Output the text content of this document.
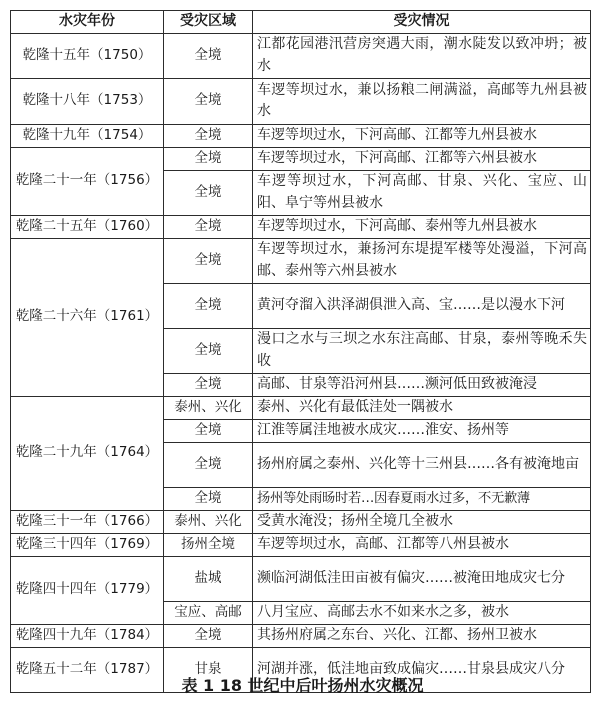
水灾年份	受灾区域	受灾情况
乾隆十五年（1750）	全境	江都花园港汛营房突遇大雨，潮水陡发以致冲坍；被水
乾隆十八年（1753）	全境	车逻等坝过水，兼以扬粮二闸满溢，高邮等九州县被水
乾隆十九年（1754）	全境	车逻等坝过水，下河高邮、江都等九州县被水
乾隆二十一年（1756）	全境	车逻等坝过水，下河高邮、江都等六州县被水
	全境	车逻等坝过水，下河高邮、甘泉、兴化、宝应、山阳、阜宁等州县被水
乾隆二十五年（1760）	全境	车逻等坝过水，下河高邮、泰州等九州县被水
乾隆二十六年（1761）	全境	车逻等坝过水，兼扬河东堤提军楼等处漫溢，下河高邮、泰州等六州县被水
	全境	黄河夺溜入洪泽湖俱泄入高、宝……是以漫水下河
	全境	漫口之水与三坝之水东注高邮、甘泉，泰州等晚禾失收
	全境	高邮、甘泉等沿河州县……濒河低田致被淹浸
乾隆二十九年（1764）	泰州、兴化	泰州、兴化有最低洼处一隅被水
	全境	江淮等属洼地被水成灾……淮安、扬州等
	全境	扬州府属之泰州、兴化等十三州县……各有被淹地亩
	全境	扬州等处雨旸时若…因春夏雨水过多，不无歉薄
乾隆三十一年（1766）	泰州、兴化	受黄水淹没；扬州全境几全被水
乾隆三十四年（1769）	扬州全境	车逻等坝过水，高邮、江都等八州县被水
乾隆四十四年（1779）	盐城	濒临河湖低洼田亩被有偏灾……被淹田地成灾七分
	宝应、高邮	八月宝应、高邮去水不如来水之多，被水
乾隆四十九年（1784）	全境	其扬州府属之东台、兴化、江都、扬州卫被水
乾隆五十二年（1787）	甘泉	河湖并涨，低洼地亩致成偏灾……甘泉县成灾八分
表 1 18 世纪中后叶扬州水灾概况
